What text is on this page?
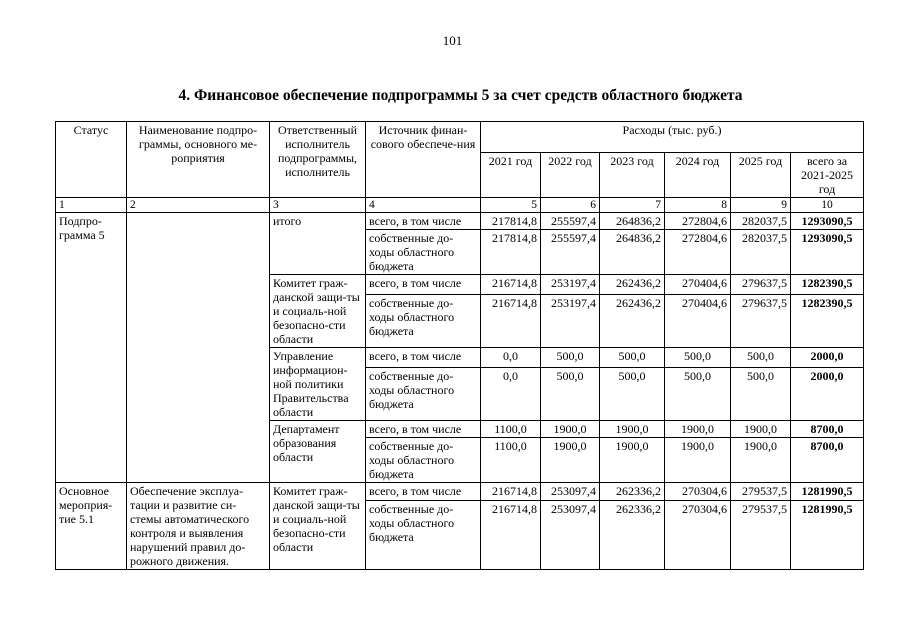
101
4. Финансовое обеспечение подпрограммы 5 за счет средств областного бюджета
Статус	Наименование подпро-граммы, основного ме-роприятия	Ответственный исполнитель подпрограммы, исполнитель	Источник финан-сового обеспече-ния	Расходы (тыс. руб.)					
				2021 год	2022 год	2023 год	2024 год	2025 год	всего за 2021-2025 год
1	2	3	4	5	6	7	8	9	10
Подпро-грамма 5		итого	всего, в том числе	217814,8	255597,4	264836,2	272804,6	282037,5	1293090,5
			собственные до-ходы областного бюджета	217814,8	255597,4	264836,2	272804,6	282037,5	1293090,5
		Комитет граж-данской защи-ты и социаль-ной безопасно-сти области	всего, в том числе	216714,8	253197,4	262436,2	270404,6	279637,5	1282390,5
			собственные до-ходы областного бюджета	216714,8	253197,4	262436,2	270404,6	279637,5	1282390,5
		Управление информацион-ной политики Правительства области	всего, в том числе	0,0	500,0	500,0	500,0	500,0	2000,0
			собственные до-ходы областного бюджета	0,0	500,0	500,0	500,0	500,0	2000,0
		Департамент образования области	всего, в том числе	1100,0	1900,0	1900,0	1900,0	1900,0	8700,0
			собственные до-ходы областного бюджета	1100,0	1900,0	1900,0	1900,0	1900,0	8700,0
Основное мероприя-тие 5.1	Обеспечение эксплуа-тации и развитие си-стемы автоматического контроля и выявления нарушений правил до-рожного движения.	Комитет граж-данской защи-ты и социаль-ной безопасно-сти области	всего, в том числе	216714,8	253097,4	262336,2	270304,6	279537,5	1281990,5
			собственные до-ходы областного бюджета	216714,8	253097,4	262336,2	270304,6	279537,5	1281990,5
